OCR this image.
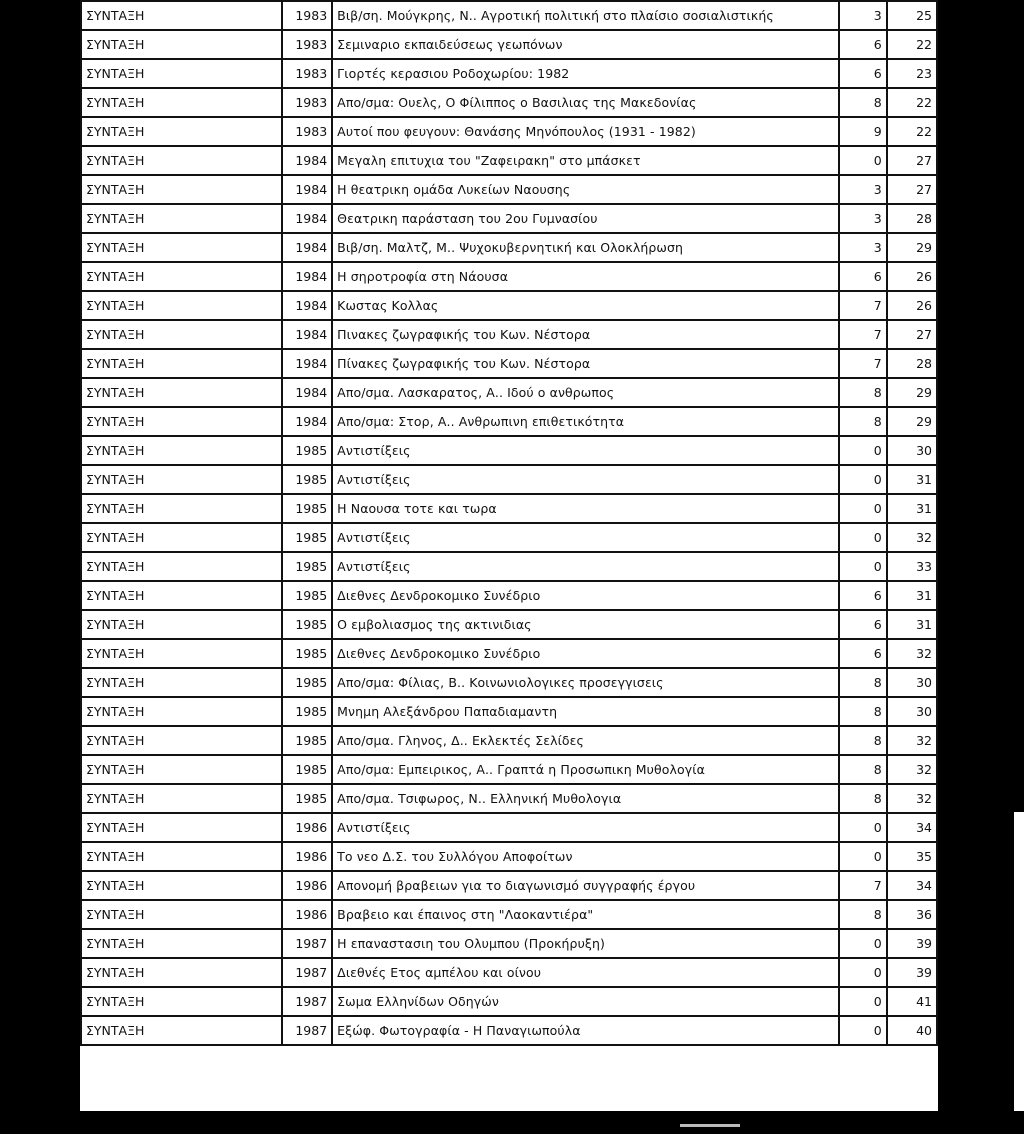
ΣΥΝΤΑΞΗ	1983	Βιβ/ση. Μούγκρης, Ν.. Αγροτική πολιτική στο πλαίσιο σοσιαλιστικής	3	25
ΣΥΝΤΑΞΗ	1983	Σεμιναριο εκπαιδεύσεως γεωπόνων	6	22
ΣΥΝΤΑΞΗ	1983	Γιορτές κερασιου Ροδοχωρίου: 1982	6	23
ΣΥΝΤΑΞΗ	1983	Απο/σμα: Ουελς, Ο Φίλιππος ο Βασιλιας της Μακεδονίας	8	22
ΣΥΝΤΑΞΗ	1983	Αυτοί που φευγουν: Θανάσης Μηνόπουλος (1931 - 1982)	9	22
ΣΥΝΤΑΞΗ	1984	Μεγαλη επιτυχια του "Ζαφειρακη" στο μπάσκετ	0	27
ΣΥΝΤΑΞΗ	1984	Η θεατρικη ομάδα Λυκείων Ναουσης	3	27
ΣΥΝΤΑΞΗ	1984	Θεατρικη παράσταση του 2ου Γυμνασίου	3	28
ΣΥΝΤΑΞΗ	1984	Βιβ/ση. Μαλτζ, Μ.. Ψυχοκυβερνητική και Ολοκλήρωση	3	29
ΣΥΝΤΑΞΗ	1984	Η σηροτροφία στη Νάουσα	6	26
ΣΥΝΤΑΞΗ	1984	Κωστας Κολλας	7	26
ΣΥΝΤΑΞΗ	1984	Πινακες ζωγραφικής του Κων. Νέστορα	7	27
ΣΥΝΤΑΞΗ	1984	Πίνακες ζωγραφικής του Κων. Νέστορα	7	28
ΣΥΝΤΑΞΗ	1984	Απο/σμα. Λασκαρατος, Α.. Ιδού ο ανθρωπος	8	29
ΣΥΝΤΑΞΗ	1984	Απο/σμα: Στορ, Α.. Ανθρωπινη επιθετικότητα	8	29
ΣΥΝΤΑΞΗ	1985	Αντιστίξεις	0	30
ΣΥΝΤΑΞΗ	1985	Αντιστίξεις	0	31
ΣΥΝΤΑΞΗ	1985	Η Ναουσα τοτε και τωρα	0	31
ΣΥΝΤΑΞΗ	1985	Αντιστίξεις	0	32
ΣΥΝΤΑΞΗ	1985	Αντιστίξεις	0	33
ΣΥΝΤΑΞΗ	1985	Διεθνες Δενδροκομικο Συνέδριο	6	31
ΣΥΝΤΑΞΗ	1985	Ο εμβολιασμος της ακτινιδιας	6	31
ΣΥΝΤΑΞΗ	1985	Διεθνες Δενδροκομικο Συνέδριο	6	32
ΣΥΝΤΑΞΗ	1985	Απο/σμα: Φίλιας, Β.. Κοινωνιολογικες προσεγγισεις	8	30
ΣΥΝΤΑΞΗ	1985	Μνημη Αλεξάνδρου Παπαδιαμαντη	8	30
ΣΥΝΤΑΞΗ	1985	Απο/σμα. Γληνος, Δ.. Εκλεκτές Σελίδες	8	32
ΣΥΝΤΑΞΗ	1985	Απο/σμα: Εμπειρικος, Α.. Γραπτά η Προσωπικη Μυθολογία	8	32
ΣΥΝΤΑΞΗ	1985	Απο/σμα. Τσιφωρος, Ν.. Ελληνική Μυθολογια	8	32
ΣΥΝΤΑΞΗ	1986	Αντιστίξεις	0	34
ΣΥΝΤΑΞΗ	1986	Το νεο Δ.Σ. του Συλλόγου Αποφοίτων	0	35
ΣΥΝΤΑΞΗ	1986	Απονομή βραβειων για το διαγωνισμό συγγραφής έργου	7	34
ΣΥΝΤΑΞΗ	1986	Βραβειο και έπαινος στη "Λαοκαντιέρα"	8	36
ΣΥΝΤΑΞΗ	1987	Η επαναστασιη του Ολυμπου (Προκήρυξη)	0	39
ΣΥΝΤΑΞΗ	1987	Διεθνές Ετος αμπέλου και οίνου	0	39
ΣΥΝΤΑΞΗ	1987	Σωμα Ελληνίδων Οδηγών	0	41
ΣΥΝΤΑΞΗ	1987	Εξώφ. Φωτογραφία - Η Παναγιωπούλα	0	40
